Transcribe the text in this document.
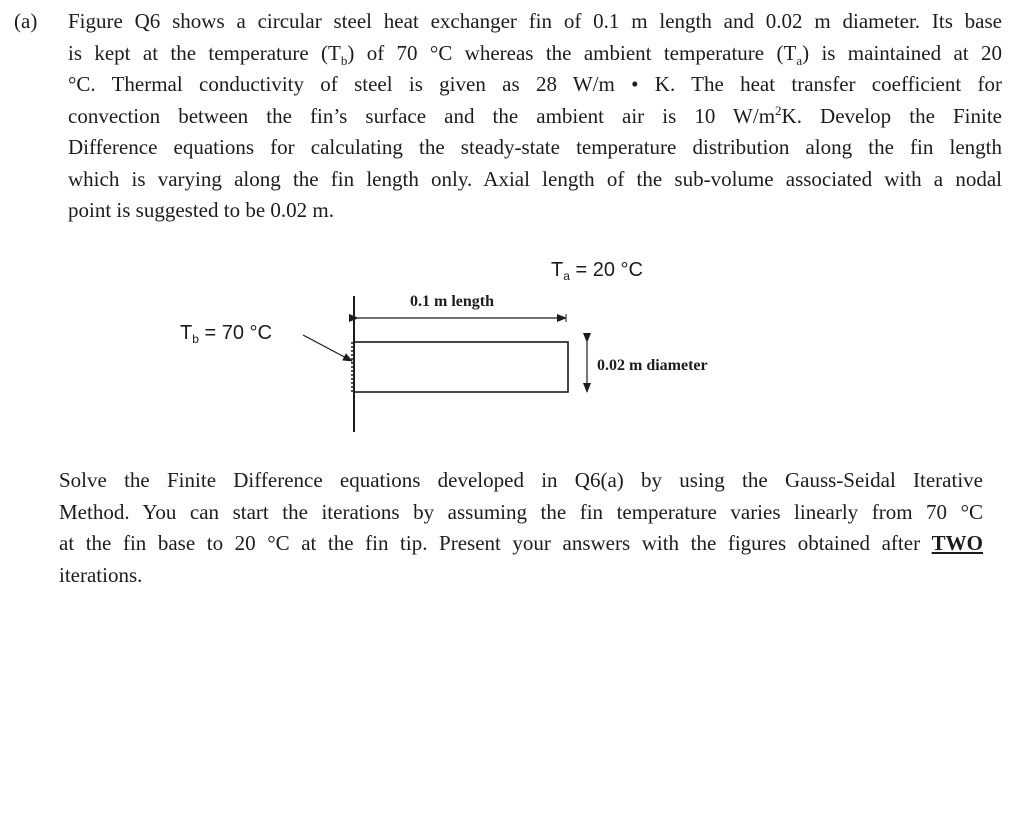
(a) Figure Q6 shows a circular steel heat exchanger fin of 0.1 m length and 0.02 m diameter. Its base
is kept at the temperature $(T_b)$ of 70 °C whereas the ambient temperature $(T_a)$ is maintained at 20
°C. Thermal conductivity of steel is given as 28 W/m • K. The heat transfer coefficient for
convection between the fin’s surface and the ambient air is 10 $W/m^2K$. Develop the Finite
Difference equations for calculating the steady-state temperature distribution along the fin length
which is varying along the fin length only. Axial length of the sub-volume associated with a nodal
point is suggested to be 0.02 m.

$T_a = 20$ °C
$T_b = 70$ °C
0.1 m length
0.02 m diameter

Solve the Finite Difference equations developed in Q6(a) by using the Gauss-Seidal Iterative
Method. You can start the iterations by assuming the fin temperature varies linearly from 70 °C
at the fin base to 20 °C at the fin tip. Present your answers with the figures obtained after TWO
iterations.
